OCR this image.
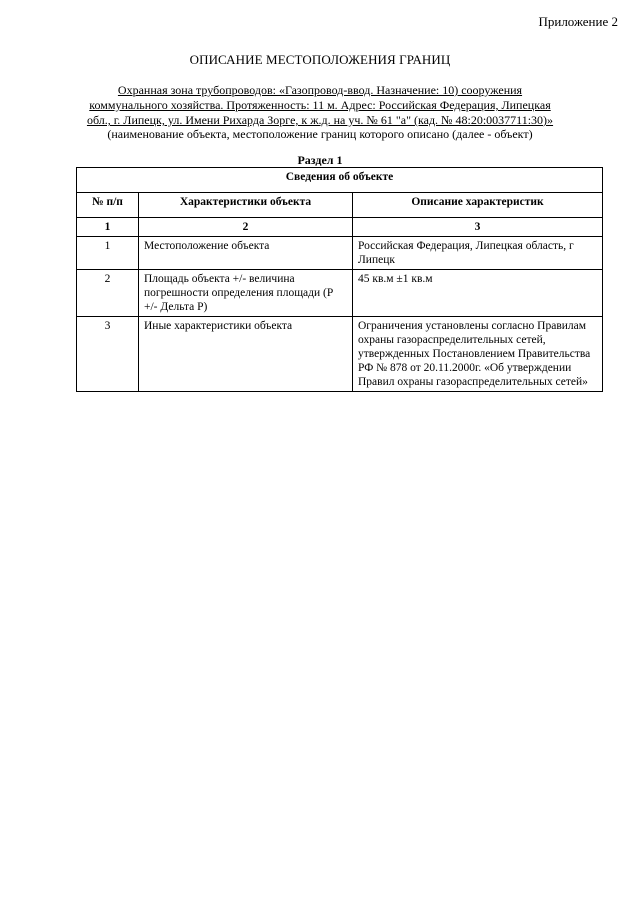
Приложение 2
ОПИСАНИЕ МЕСТОПОЛОЖЕНИЯ ГРАНИЦ
Охранная зона трубопроводов: «Газопровод-ввод. Назначение: 10) сооружения коммунального хозяйства. Протяженность: 11 м. Адрес: Российская Федерация, Липецкая обл., г. Липецк, ул. Имени Рихарда Зорге, к ж.д. на уч. № 61 "а" (кад. № 48:20:0037711:30)»
(наименование объекта, местоположение границ которого описано (далее - объект)
Раздел 1
Сведения об объекте		
№ п/п	Характеристики объекта	Описание характеристик
1	2	3
1	Местоположение объекта	Российская Федерация, Липецкая область, г Липецк
2	Площадь объекта +/- величина погрешности определения площади (Р +/- Дельта Р)	45 кв.м ±1 кв.м
3	Иные характеристики объекта	Ограничения установлены согласно Правилам охраны газораспределительных сетей, утвержденных Постановлением Правительства РФ № 878 от 20.11.2000г. «Об утверждении Правил охраны газораспределительных сетей»
